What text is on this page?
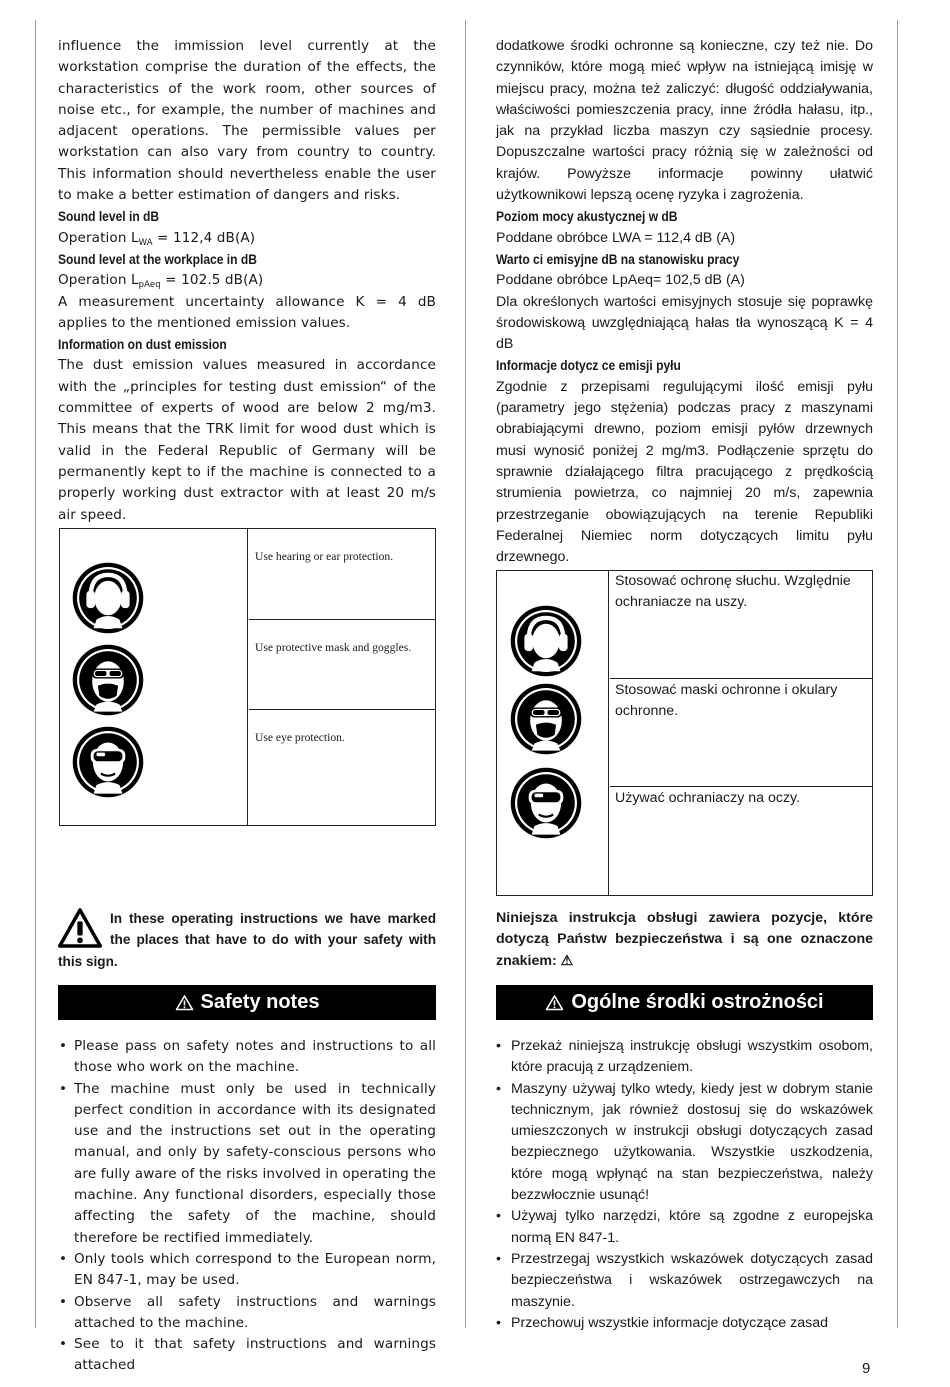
influence the immission level currently at the workstation comprise the duration of the effects, the characteristics of the work room, other sources of noise etc., for example, the number of machines and adjacent operations. The permissible values per workstation can also vary from country to country. This information should nevertheless enable the user to make a better estimation of dangers and risks.

Sound level in dB

Operation $L_{WA} = 112,4$ dB(A)

Sound level at the workplace in dB

Operation $L_{pAeq} = 102.5$ dB(A)

A measurement uncertainty allowance K = 4 dB applies to the mentioned emission values.

Information on dust emission

The dust emission values measured in accordance with the „principles for testing dust emission“ of the committee of experts of wood are below 2 mg/m3. This means that the TRK limit for wood dust which is valid in the Federal Republic of Germany will be permanently kept to if the machine is connected to a properly working dust extractor with at least 20 m/s air speed.

Use hearing or ear protection.
Use protective mask and goggles.
Use eye protection.
In these operating instructions we have marked the places that have to do with your safety with this sign.
Safety notes
• Please pass on safety notes and instructions to all those who work on the machine.
• The machine must only be used in technically perfect condition in accordance with its designated use and the instructions set out in the operating manual, and only by safety-conscious persons who are fully aware of the risks involved in operating the machine. Any functional disorders, especially those affecting the safety of the machine, should therefore be rectified immediately.
• Only tools which correspond to the European norm, EN 847-1, may be used.
• Observe all safety instructions and warnings attached to the machine.
• See to it that safety instructions and warnings attached

dodatkowe środki ochronne są konieczne, czy też nie. Do czynników, które mogą mieć wpływ na istniejącą imisję w miejscu pracy, można też zaliczyć: długość oddziaływania, właściwości pomieszczenia pracy, inne źródła hałasu, itp., jak na przykład liczba maszyn czy sąsiednie procesy. Dopuszczalne wartości pracy różnią się w zależności od krajów. Powyższe informacje powinny ułatwić użytkownikowi lepszą ocenę ryzyka i zagrożenia.

Poziom mocy akustycznej w dB

Poddane obróbce LWA = 112,4 dB (A)

Warto ci emisyjne dB na stanowisku pracy

Poddane obróbce LpAeq= 102,5 dB (A)

Dla określonych wartości emisyjnych stosuje się poprawkę środowiskową uwzględniającą hałas tła wynoszącą K = 4 dB

Informacje dotycz ce emisji pyłu

Zgodnie z przepisami regulującymi ilość emisji pyłu (parametry jego stężenia) podczas pracy z maszynami obrabiającymi drewno, poziom emisji pyłów drzewnych musi wynosić poniżej 2 mg/m3. Podłączenie sprzętu do sprawnie działającego filtra pracującego z prędkością strumienia powietrza, co najmniej 20 m/s, zapewnia przestrzeganie obowiązujących na terenie Republiki Federalnej Niemiec norm dotyczących limitu pyłu drzewnego.

Stosować ochronę słuchu. Względnie ochraniacze na uszy.
Stosować maski ochronne i okulary ochronne.
Używać ochraniaczy na oczy.
Niniejsza instrukcja obsługi zawiera pozycje, które dotyczą Państw bezpieczeństwa i są one oznaczone znakiem: ⚠
Ogólne środki ostrożności
• Przekaż niniejszą instrukcję obsługi wszystkim osobom, które pracują z urządzeniem.
• Maszyny używaj tylko wtedy, kiedy jest w dobrym stanie technicznym, jak również dostosuj się do wskazówek umieszczonych w instrukcji obsługi dotyczących zasad bezpiecznego użytkowania. Wszystkie uszkodzenia, które mogą wpłynąć na stan bezpieczeństwa, należy bezzwłocznie usunąć!
• Używaj tylko narzędzi, które są zgodne z europejska normą EN 847-1.
• Przestrzegaj wszystkich wskazówek dotyczących zasad bezpieczeństwa i wskazówek ostrzegawczych na maszynie.
• Przechowuj wszystkie informacje dotyczące zasad
9
